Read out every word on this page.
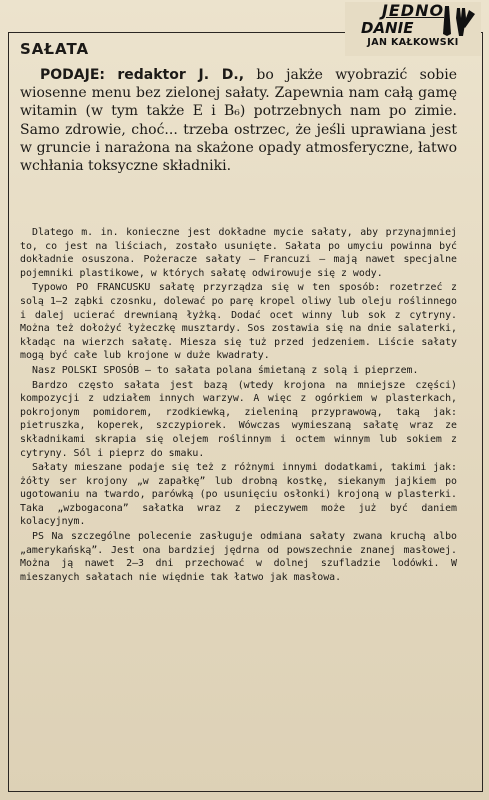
JEDNO
DANIE
JAN KAŁKOWSKI
SAŁATA

PODAJE: redaktor J. D., bo jakże wyobrazić sobie wiosenne menu bez zielonej sałaty. Zapewnia nam całą gamę witamin (w tym także E i B₆) potrzebnych nam po zimie. Samo zdrowie, choć... trzeba ostrzec, że jeśli uprawiana jest w gruncie i narażona na skażone opady atmosferyczne, łatwo wchłania toksyczne składniki.

Dlatego m. in. konieczne jest dokładne mycie sałaty, aby przynajmniej to, co jest na liściach, zostało usunięte. Sałata po umyciu powinna być dokładnie osuszona. Pożeracze sałaty — Francuzi — mają nawet specjalne pojemniki plastikowe, w których sałatę odwirowuje się z wody.

Typowo PO FRANCUSKU sałatę przyrządza się w ten sposób: rozetrzeć z solą 1—2 ząbki czosnku, dolewać po parę kropel oliwy lub oleju roślinnego i dalej ucierać drewnianą łyżką. Dodać ocet winny lub sok z cytryny. Można też dołożyć łyżeczkę musztardy. Sos zostawia się na dnie salaterki, kładąc na wierzch sałatę. Miesza się tuż przed jedzeniem. Liście sałaty mogą być całe lub krojone w duże kwadraty.

Nasz POLSKI SPOSÓB — to sałata polana śmietaną z solą i pieprzem.

Bardzo często sałata jest bazą (wtedy krojona na mniejsze części) kompozycji z udziałem innych warzyw. A więc z ogórkiem w plasterkach, pokrojonym pomidorem, rzodkiewką, zieleniną przyprawową, taką jak: pietruszka, koperek, szczypiorek. Wówczas wymieszaną sałatę wraz ze składnikami skrapia się olejem roślinnym i octem winnym lub sokiem z cytryny. Sól i pieprz do smaku.

Sałaty mieszane podaje się też z różnymi innymi dodatkami, takimi jak: żółty ser krojony „w zapałkę” lub drobną kostkę, siekanym jajkiem po ugotowaniu na twardo, parówką (po usunięciu osłonki) krojoną w plasterki. Taka „wzbogacona” sałatka wraz z pieczywem może już być daniem kolacyjnym.

PS Na szczególne polecenie zasługuje odmiana sałaty zwana kruchą albo „amerykańską”. Jest ona bardziej jędrna od powszechnie znanej masłowej. Można ją nawet 2—3 dni przechować w dolnej szufladzie lodówki. W mieszanych sałatach nie więdnie tak łatwo jak masłowa.
